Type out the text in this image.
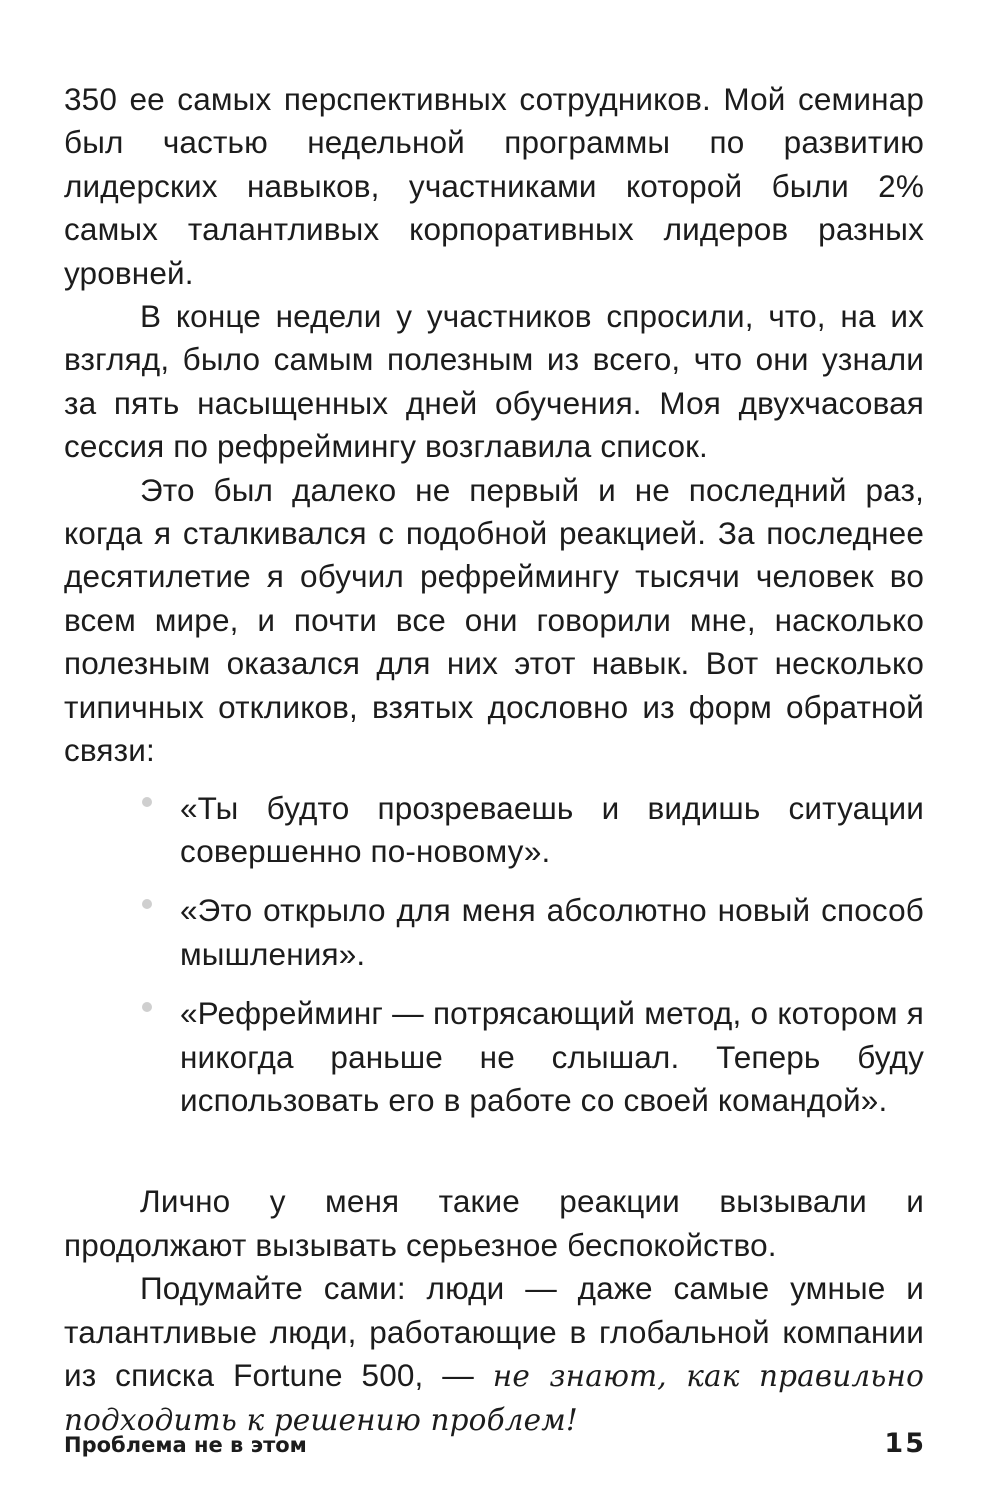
350 ее самых перспективных сотрудников. Мой семинар был частью недельной программы по развитию лидерских навыков, участниками которой были 2% самых талантливых корпоративных лидеров разных уровней.

В конце недели у участников спросили, что, на их взгляд, было самым полезным из всего, что они узнали за пять насыщенных дней обучения. Моя двухчасовая сессия по рефреймингу возглавила список.

Это был далеко не первый и не последний раз, когда я сталкивался с подобной реакцией. За последнее десятилетие я обучил рефреймингу тысячи человек во всем мире, и почти все они говорили мне, насколько полезным оказался для них этот навык. Вот несколько типичных откликов, взятых дословно из форм обратной связи:

«Ты будто прозреваешь и видишь ситуации совершенно по-новому».

«Это открыло для меня абсолютно новый способ мышления».

«Рефрейминг — потрясающий метод, о котором я никогда раньше не слышал. Теперь буду использовать его в работе со своей командой».

Лично у меня такие реакции вызывали и продолжают вызывать серьезное беспокойство.

Подумайте сами: люди — даже самые умные и талантливые люди, работающие в глобальной компании из списка Fortune 500, — не знают, как правильно подходить к решению проблем!

Проблема не в этом	15
